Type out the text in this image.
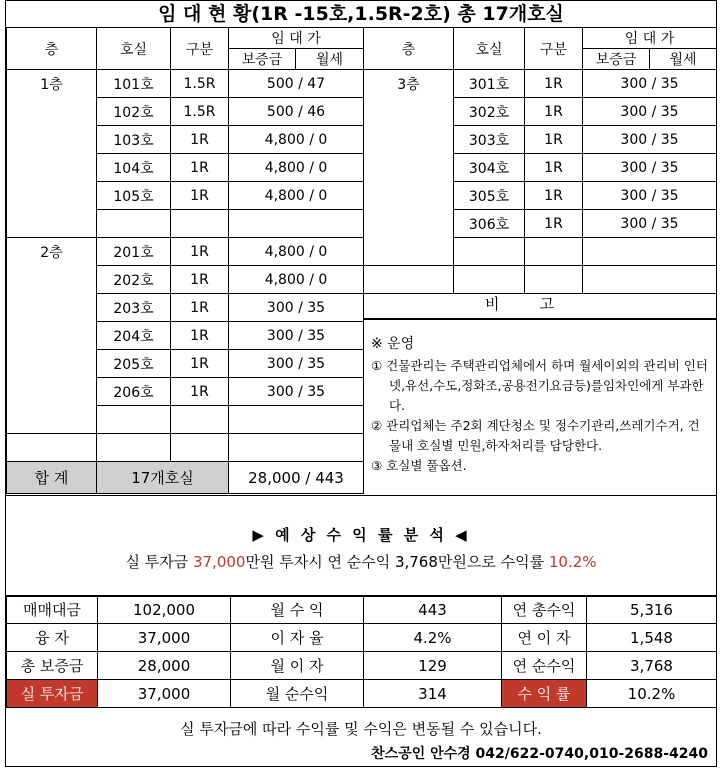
임 대 현 황(1R -15호,1.5R-2호) 총 17개호실
층	호실	구분	임 대 가	
			보증금	월세
1층	101호	1.5R	500 / 47	
	102호	1.5R	500 / 46	
	103호	1R	4,800 / 0	
	104호	1R	4,800 / 0	
	105호	1R	4,800 / 0	

2층	201호	1R	4,800 / 0	
	202호	1R	4,800 / 0	
	203호	1R	300 / 35	
	204호	1R	300 / 35	
	205호	1R	300 / 35	
	206호	1R	300 / 35	

합 계	17개호실		28,000 / 443	
층	호실	구분	임 대 가	
			보증금	월세
3층	301호	1R	300 / 35	
	302호	1R	300 / 35	
	303호	1R	300 / 35	
	304호	1R	300 / 35	
	305호	1R	300 / 35	
	306호	1R	300 / 35	

비고
※ 운영
① 건물관리는 주택관리업체에서 하며 월세이외의 관리비 인터넷,유선,수도,정화조,공용전기요금등)를임차인에게 부과한다.
② 관리업체는 주2회 계단청소 및 정수기관리,쓰레기수거, 건물내 호실별 민원,하자처리를 담당한다.
③ 호실별 풀옵션.
▶ 예 상 수 익 률 분 석 ◀
실 투자금 37,000만원 투자시 연 순수익 3,768만원으로 수익률 10.2%
매매대금	102,000	월 수 익	443	연 총수익	5,316
융 자	37,000	이 자 율	4.2%	연 이 자	1,548
총 보증금	28,000	월 이 자	129	연 순수익	3,768
실 투자금	37,000	월 순수익	314	수 익 률	10.2%
실 투자금에 따라 수익률 및 수익은 변동될 수 있습니다.
찬스공인 안수경 042/622-0740,010-2688-4240
